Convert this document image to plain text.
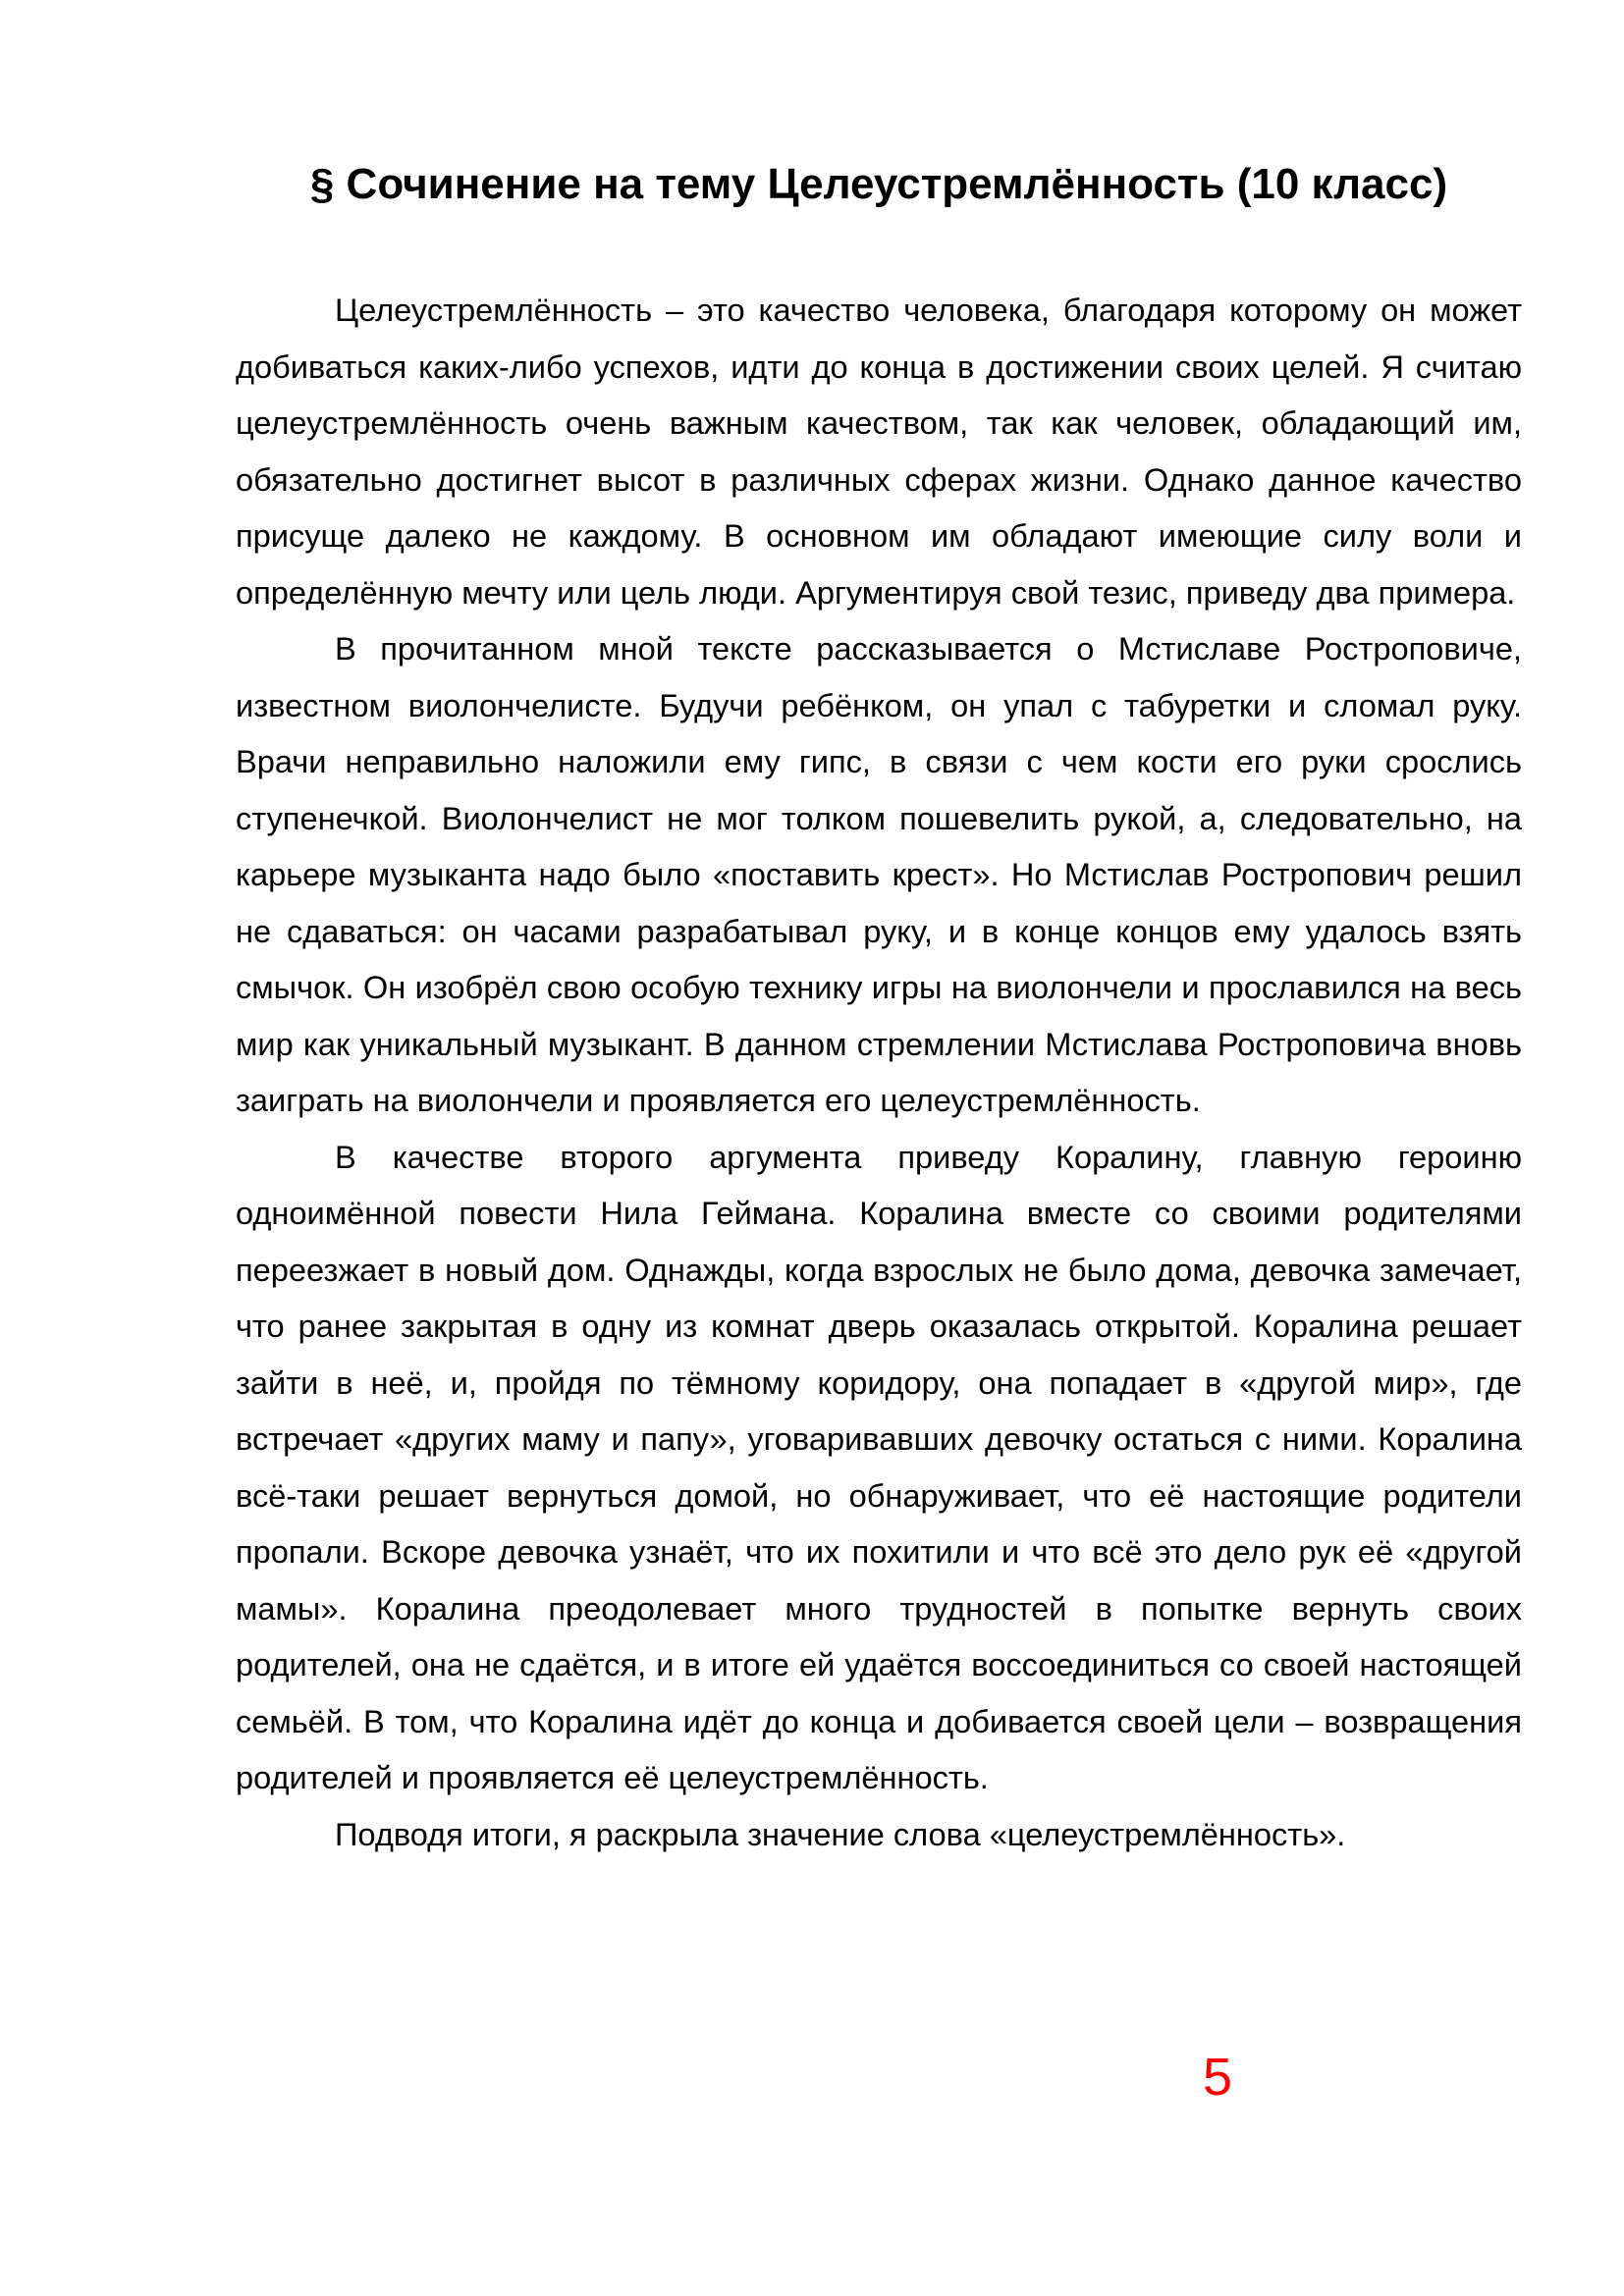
§ Сочинение на тему Целеустремлённость (10 класс)

Целеустремлённость – это качество человека, благодаря которому он может добиваться каких-либо успехов, идти до конца в достижении своих целей. Я считаю целеустремлённость очень важным качеством, так как человек, обладающий им, обязательно достигнет высот в различных сферах жизни. Однако данное качество присуще далеко не каждому. В основном им обладают имеющие силу воли и определённую мечту или цель люди. Аргументируя свой тезис, приведу два примера.

В прочитанном мной тексте рассказывается о Мстиславе Ростроповиче, известном виолончелисте. Будучи ребёнком, он упал с табуретки и сломал руку. Врачи неправильно наложили ему гипс, в связи с чем кости его руки срослись ступенечкой. Виолончелист не мог толком пошевелить рукой, а, следовательно, на карьере музыканта надо было «поставить крест». Но Мстислав Ростропович решил не сдаваться: он часами разрабатывал руку, и в конце концов ему удалось взять смычок. Он изобрёл свою особую технику игры на виолончели и прославился на весь мир как уникальный музыкант. В данном стремлении Мстислава Ростроповича вновь заиграть на виолончели и проявляется его целеустремлённость.

В качестве второго аргумента приведу Коралину, главную героиню одноимённой повести Нила Геймана. Коралина вместе со своими родителями переезжает в новый дом. Однажды, когда взрослых не было дома, девочка замечает, что ранее закрытая в одну из комнат дверь оказалась открытой. Коралина решает зайти в неё, и, пройдя по тёмному коридору, она попадает в «другой мир», где встречает «других маму и папу», уговаривавших девочку остаться с ними. Коралина всё-таки решает вернуться домой, но обнаруживает, что её настоящие родители пропали. Вскоре девочка узнаёт, что их похитили и что всё это дело рук её «другой мамы». Коралина преодолевает много трудностей в попытке вернуть своих родителей, она не сдаётся, и в итоге ей удаётся воссоединиться со своей настоящей семьёй. В том, что Коралина идёт до конца и добивается своей цели – возвращения родителей и проявляется её целеустремлённость.

Подводя итоги, я раскрыла значение слова «целеустремлённость».

5
